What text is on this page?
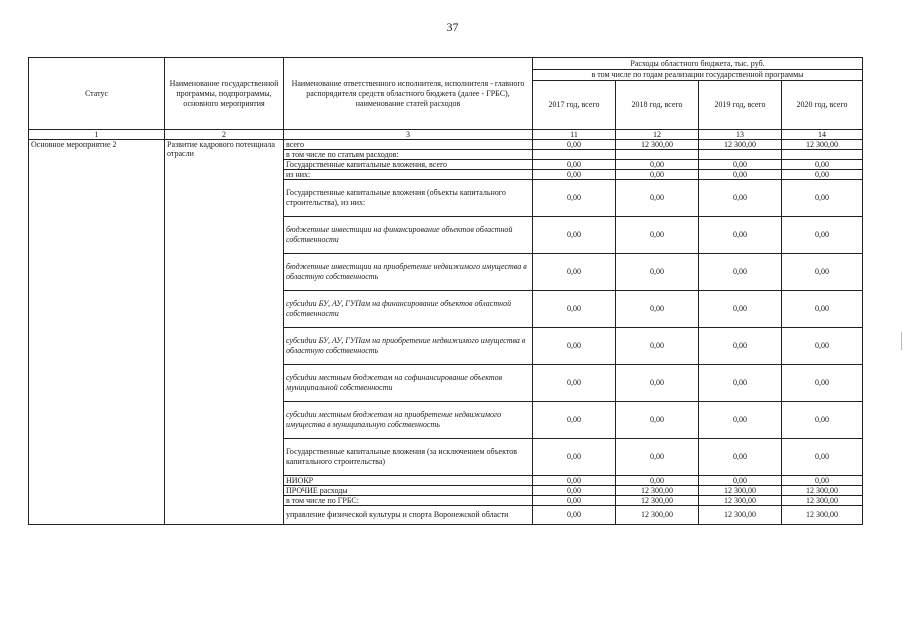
37
Статус	Наименование государственной программы, подпрограммы, основного мероприятия	Наименование ответственного исполнителя, исполнителя - главного распорядителя средств областного бюджета (далее - ГРБС), наименование статей расходов	Расходы областного бюджета, тыс. руб.			
			в том числе по годам реализации государственной программы			
			2017 год, всего	2018 год, всего	2019 год, всего	2020 год, всего
1	2	3	11	12	13	14
Основное мероприятие 2	Развитие кадрового потенциала отрасли	всего	0,00	12 300,00	12 300,00	12 300,00
		в том числе по статьям расходов:				
		Государственные капитальные вложения, всего	0,00	0,00	0,00	0,00
		из них:	0,00	0,00	0,00	0,00
		Государственные капитальные вложения (объекты капитального строительства), из них:	0,00	0,00	0,00	0,00
		бюджетные инвестиции на финансирование объектов областной собственности	0,00	0,00	0,00	0,00
		бюджетные инвестиции на приобретение недвижимого имущества в областную собственность	0,00	0,00	0,00	0,00
		субсидии БУ, АУ, ГУПам на финансирование объектов областной собственности	0,00	0,00	0,00	0,00
		субсидии БУ, АУ, ГУПам на приобретение недвижимого имущества в областную собственность	0,00	0,00	0,00	0,00
		субсидии местным бюджетам на софинансирование объектов муниципальной собственности	0,00	0,00	0,00	0,00
		субсидии местным бюджетам на приобретение недвижимого имущества в муниципальную собственность	0,00	0,00	0,00	0,00
		Государственные капитальные вложения (за исключением объектов капитального строительства)	0,00	0,00	0,00	0,00
		НИОКР	0,00	0,00	0,00	0,00
		ПРОЧИЕ расходы	0,00	12 300,00	12 300,00	12 300,00
		в том числе по ГРБС:	0,00	12 300,00	12 300,00	12 300,00
		управление физической культуры и спорта Воронежской области	0,00	12 300,00	12 300,00	12 300,00
